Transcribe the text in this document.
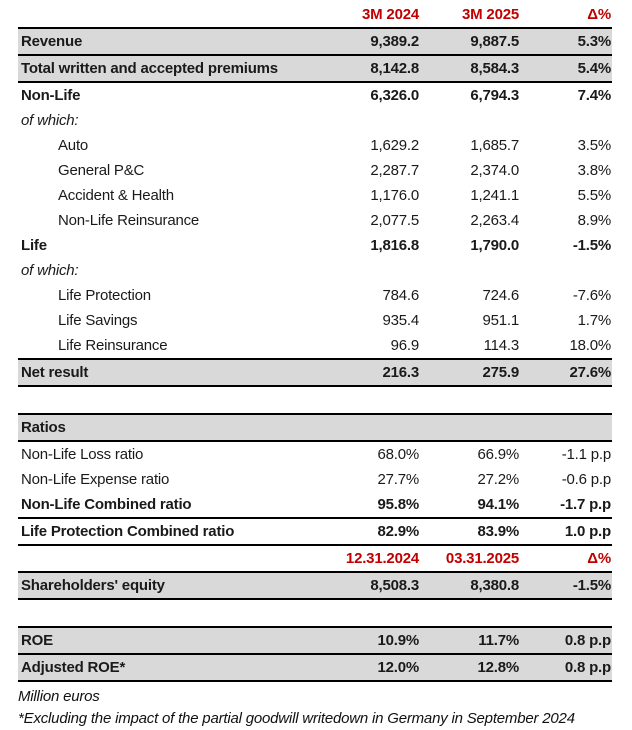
	3M 2024	3M 2025	Δ%
Revenue	9,389.2	9,887.5	5.3%
Total written and accepted premiums	8,142.8	8,584.3	5.4%
Non-Life	6,326.0	6,794.3	7.4%
of which:			
Auto	1,629.2	1,685.7	3.5%
General P&C	2,287.7	2,374.0	3.8%
Accident & Health	1,176.0	1,241.1	5.5%
Non-Life Reinsurance	2,077.5	2,263.4	8.9%
Life	1,816.8	1,790.0	-1.5%
of which:			
Life Protection	784.6	724.6	-7.6%
Life Savings	935.4	951.1	1.7%
Life Reinsurance	96.9	114.3	18.0%
Net result	216.3	275.9	27.6%
Ratios			
Non-Life Loss ratio	68.0%	66.9%	-1.1 p.p
Non-Life Expense ratio	27.7%	27.2%	-0.6 p.p
Non-Life Combined ratio	95.8%	94.1%	-1.7 p.p
Life Protection Combined ratio	82.9%	83.9%	1.0 p.p
	12.31.2024	03.31.2025	Δ%
Shareholders' equity	8,508.3	8,380.8	-1.5%
ROE	10.9%	11.7%	0.8 p.p
Adjusted ROE*	12.0%	12.8%	0.8 p.p
Million euros
*Excluding the impact of the partial goodwill writedown in Germany in September 2024
